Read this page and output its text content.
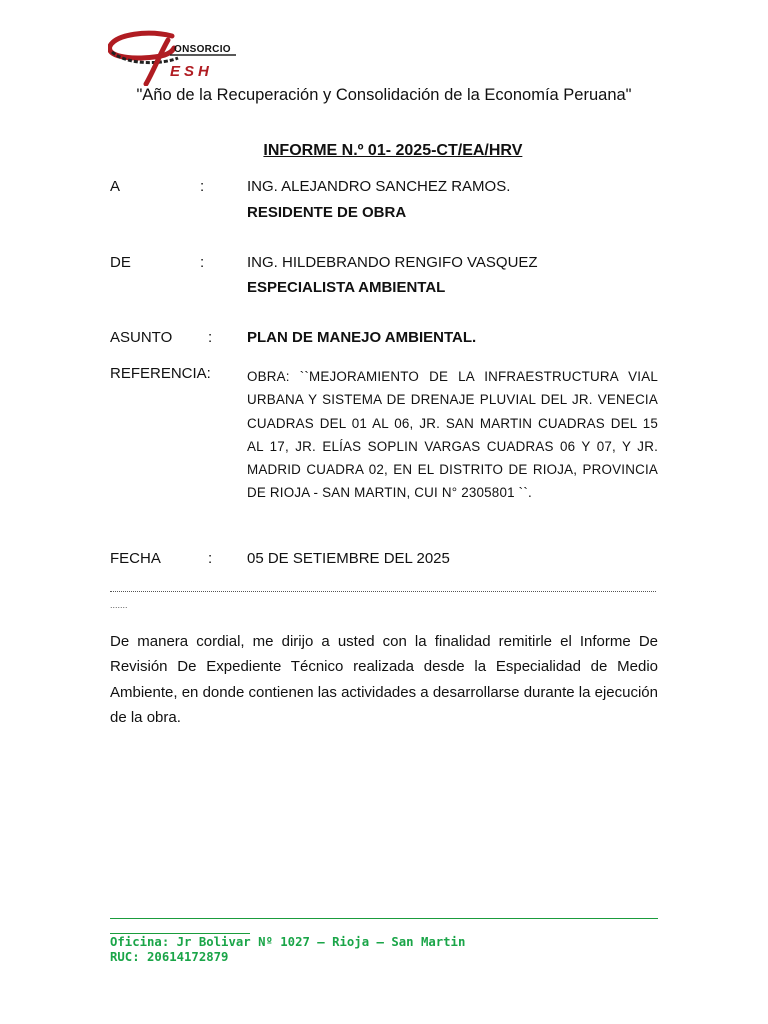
ONSORCIO
ESH
"Año de la Recuperación y Consolidación de la Economía Peruana"
INFORME N.º 01- 2025-CT/EA/HRV
A	:	ING. ALEJANDRO SANCHEZ RAMOS.
RESIDENTE DE OBRA
DE	:	ING. HILDEBRANDO RENGIFO VASQUEZ
ESPECIALISTA AMBIENTAL
ASUNTO : PLAN DE MANEJO AMBIENTAL.
REFERENCIA:	OBRA: ``MEJORAMIENTO DE LA INFRAESTRUCTURA VIAL URBANA Y SISTEMA DE DRENAJE PLUVIAL DEL JR. VENECIA CUADRAS DEL 01 AL 06, JR. SAN MARTIN CUADRAS DEL 15 AL 17, JR. ELÍAS SOPLIN VARGAS CUADRAS 06 Y 07, Y JR. MADRID CUADRA 02, EN EL DISTRITO DE RIOJA, PROVINCIA DE RIOJA - SAN MARTIN, CUI N° 2305801 ``.
FECHA	: 05 DE SETIEMBRE DEL 2025
.......
De manera cordial, me dirijo a usted con la finalidad remitirle el Informe De Revisión De Expediente Técnico realizada desde la Especialidad de Medio Ambiente, en donde contienen las actividades a desarrollarse durante la ejecución de la obra.
Oficina: Jr Bolivar Nº 1027 – Rioja – San Martin
RUC: 20614172879
